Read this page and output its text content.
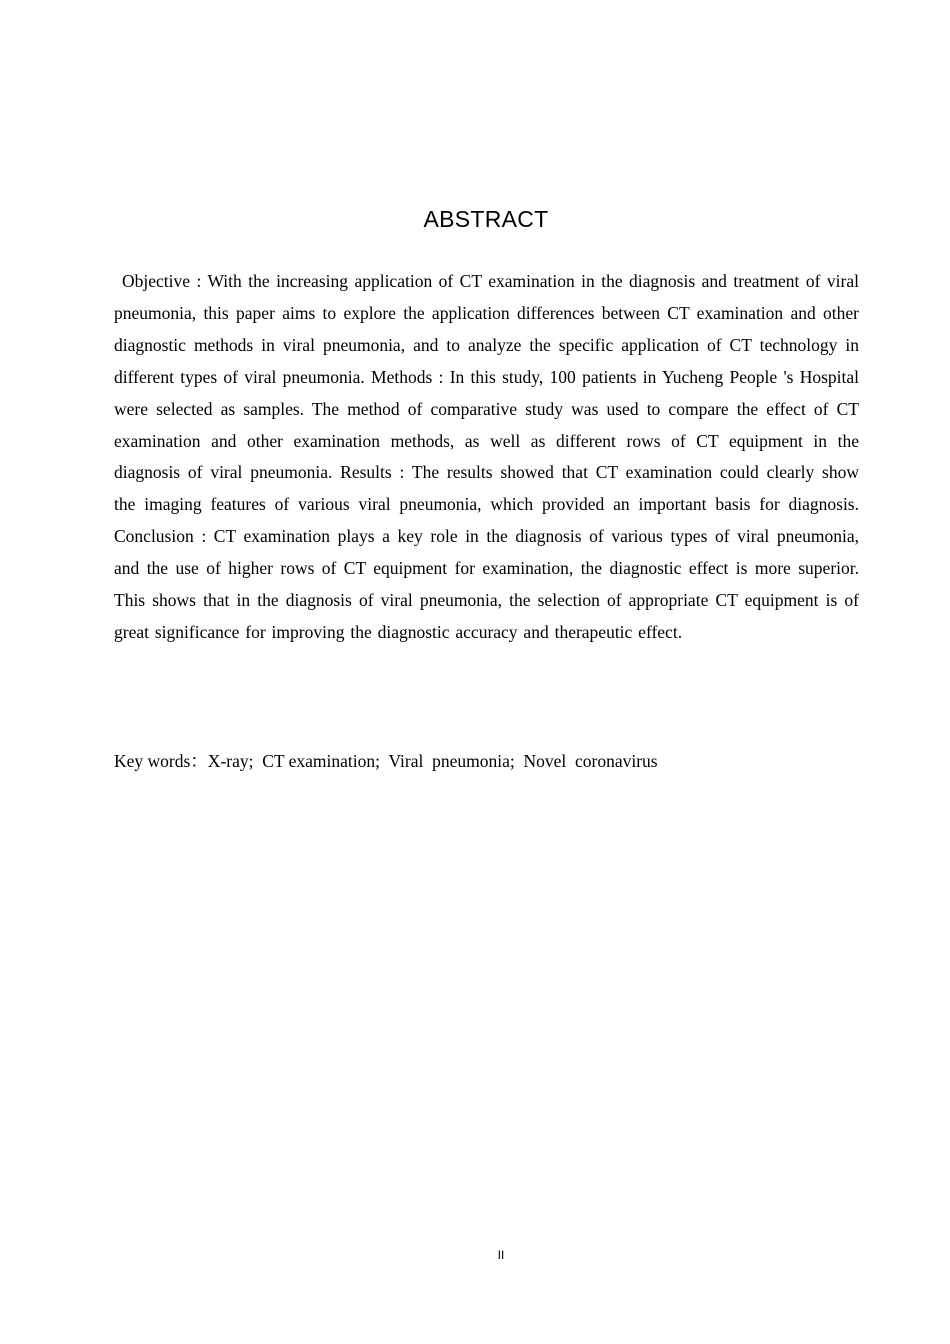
ABSTRACT

Objective : With the increasing application of CT examination in the diagnosis and treatment of viral pneumonia, this paper aims to explore the application differences between CT examination and other diagnostic methods in viral pneumonia, and to analyze the specific application of CT technology in different types of viral pneumonia. Methods : In this study, 100 patients in Yucheng People 's Hospital were selected as samples. The method of comparative study was used to compare the effect of CT examination and other examination methods, as well as different rows of CT equipment in the diagnosis of viral pneumonia. Results : The results showed that CT examination could clearly show the imaging features of various viral pneumonia, which provided an important basis for diagnosis. Conclusion : CT examination plays a key role in the diagnosis of various types of viral pneumonia, and the use of higher rows of CT equipment for examination, the diagnostic effect is more superior. This shows that in the diagnosis of viral pneumonia, the selection of appropriate CT equipment is of great significance for improving the diagnostic accuracy and therapeutic effect.

Key words：X-ray;  CT examination;  Viral  pneumonia;  Novel  coronavirus
II
